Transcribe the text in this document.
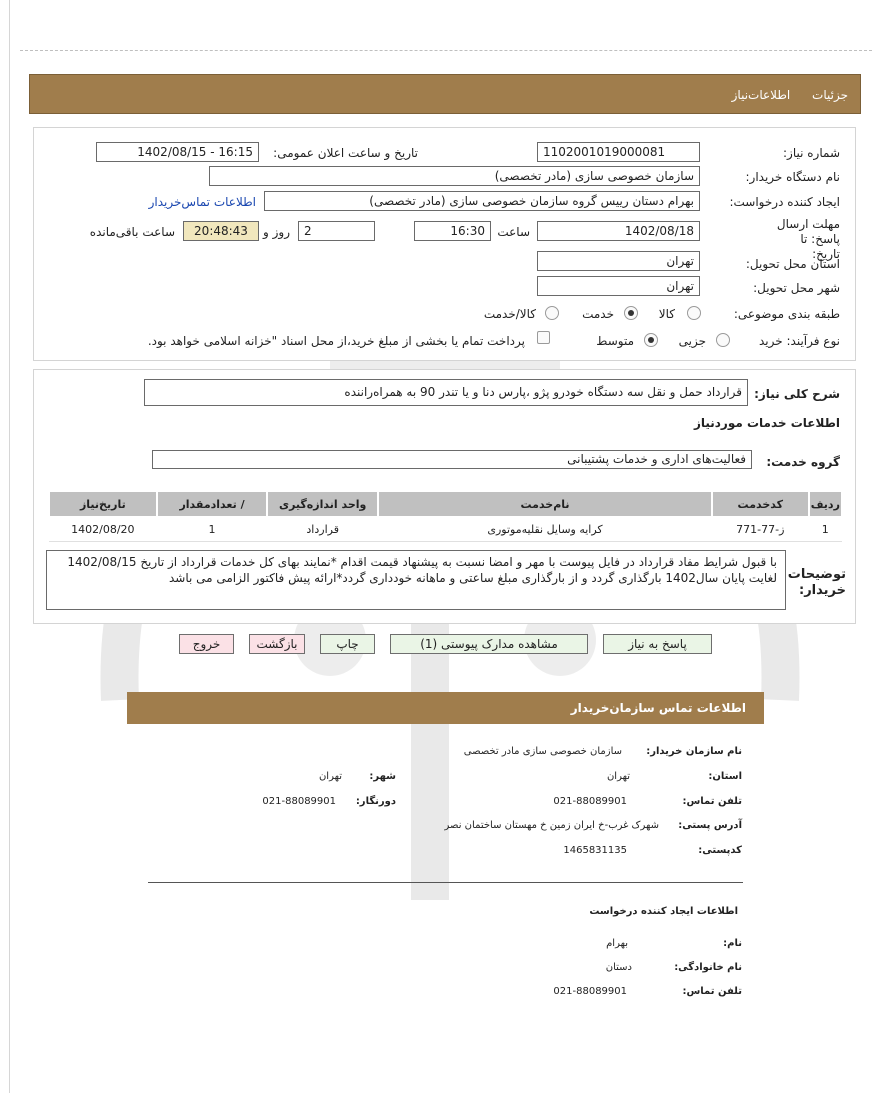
جزئیات اطلاعات‌نیاز
شماره نیاز:
1102001019000081
تاریخ و ساعت اعلان عمومی:
1402/08/15 - 16:15
نام دستگاه خریدار:
سازمان خصوصی سازی (مادر تخصصی)
ایجاد کننده درخواست:
بهرام دستان رییس گروه سازمان خصوصی سازی (مادر تخصصی)
اطلاعات تماس‌خریدار
مهلت ارسال پاسخ: تا تاریخ:
1402/08/18
ساعت
16:30
2
روز و
20:48:43
ساعت باقی‌مانده
استان محل تحویل:
تهران
شهر محل تحویل:
تهران
طبقه بندی موضوعی:
کالا
خدمت
کالا/خدمت
نوع فرآیند: خرید
جزیی
متوسط
پرداخت تمام یا بخشی از مبلغ خرید،از محل اسناد "خزانه اسلامی خواهد بود.
شرح کلی نیاز:
قرارداد حمل و نقل سه دستگاه خودرو پژو ،پارس دنا و یا تندر 90 به همراه‌راننده
اطلاعات خدمات موردنیاز
گروه خدمت:
فعالیت‌های اداری و خدمات پشتیبانی
ردیف	کدخدمت	نام‌خدمت	واحد اندازه‌گیری	/ تعدادمقدار	تاریخ‌نیاز
1	ز-77-771	کرایه وسایل نقلیه‌موتوری	قرارداد	1	1402/08/20
توضیحات خریدار:
با قبول شرایط مفاد قرارداد در فایل پیوست با مهر و امضا نسبت به پیشنهاد قیمت اقدام *نمایند بهای کل خدمات قرارداد از تاریخ 1402/08/15 لغایت پایان سال1402 بارگذاری گردد و از بارگذاری مبلغ ساعتی و ماهانه خودداری گردد*ارائه پیش فاکتور الزامی می باشد
پاسخ به نیاز
مشاهده مدارک پیوستی (1)
چاپ
بازگشت
خروج
اطلاعات تماس سازمان‌خریدار
نام سازمان خریدار:
سازمان خصوصی سازی مادر تخصصی
استان:
تهران
شهر:
تهران
تلفن تماس:
021-88089901
دورنگار:
021-88089901
آدرس پستی:
شهرک غرب-خ ایران زمین خ مهستان ساختمان نصر
کدپستی:
1465831135
اطلاعات ایجاد کننده درخواست
نام:
بهرام
نام خانوادگی:
دستان
تلفن تماس:
021-88089901
